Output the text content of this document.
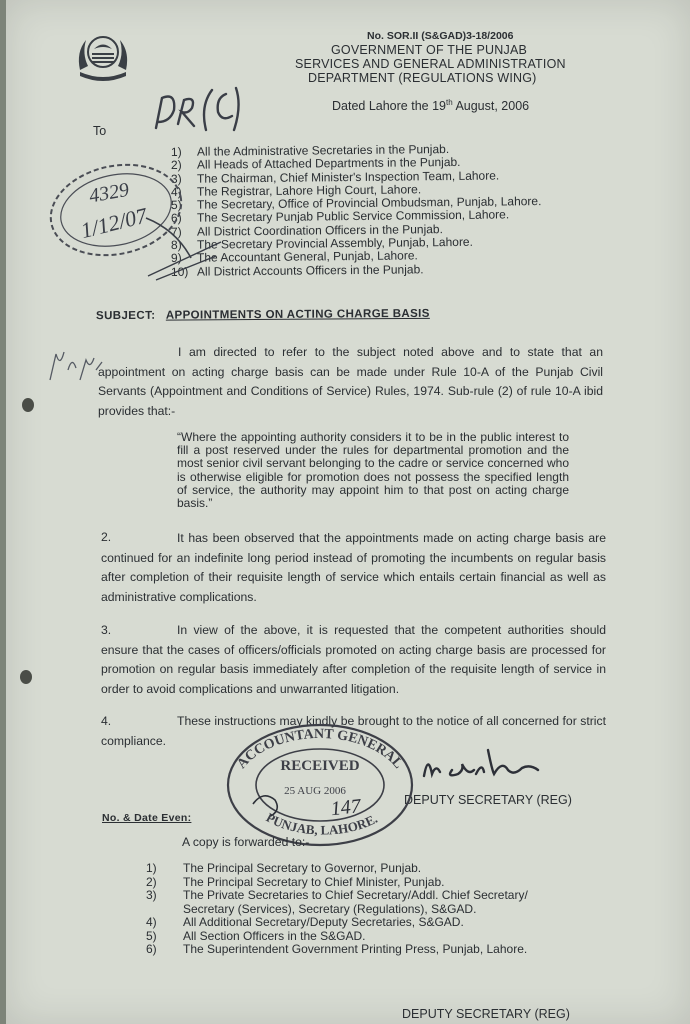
No. SOR.II (S&GAD)3-18/2006
GOVERNMENT OF THE PUNJAB
SERVICES AND GENERAL ADMINISTRATION
DEPARTMENT (REGULATIONS WING)
Dated Lahore the 19th August, 2006
To
1) All the Administrative Secretaries in the Punjab.
2) All Heads of Attached Departments in the Punjab.
3) The Chairman, Chief Minister's Inspection Team, Lahore.
4) The Registrar, Lahore High Court, Lahore.
5) The Secretary, Office of Provincial Ombudsman, Punjab, Lahore.
6) The Secretary Punjab Public Service Commission, Lahore.
7) All District Coordination Officers in the Punjab.
8) The Secretary Provincial Assembly, Punjab, Lahore.
9) The Accountant General, Punjab, Lahore.
10) All District Accounts Officers in the Punjab.
4329
1/12/07
SUBJECT: APPOINTMENTS ON ACTING CHARGE BASIS
I am directed to refer to the subject noted above and to state that an appointment on acting charge basis can be made under Rule 10-A of the Punjab Civil Servants (Appointment and Conditions of Service) Rules, 1974. Sub-rule (2) of rule 10-A ibid provides that:-
“Where the appointing authority considers it to be in the public interest to fill a post reserved under the rules for departmental promotion and the most senior civil servant belonging to the cadre or service concerned who is otherwise eligible for promotion does not possess the specified length of service, the authority may appoint him to that post on acting charge basis.”
2.	It has been observed that the appointments made on acting charge basis are continued for an indefinite long period instead of promoting the incumbents on regular basis after completion of their requisite length of service which entails certain financial as well as administrative complications.
3.	In view of the above, it is requested that the competent authorities should ensure that the cases of officers/officials promoted on acting charge basis are processed for promotion on regular basis immediately after completion of the requisite length of service in order to avoid complications and unwarranted litigation.
4.	These instructions may kindly be brought to the notice of all concerned for strict compliance.
DEPUTY SECRETARY (REG)
ACCOUNTANT GENERAL
PUNJAB, LAHORE.
RECEIVED
25 AUG 2006
147
No. & Date Even:
A copy is forwarded to:-
1) The Principal Secretary to Governor, Punjab.
2) The Principal Secretary to Chief Minister, Punjab.
3) The Private Secretaries to Chief Secretary/Addl. Chief Secretary/
Secretary (Services), Secretary (Regulations), S&GAD.
4) All Additional Secretary/Deputy Secretaries, S&GAD.
5) All Section Officers in the S&GAD.
6) The Superintendent Government Printing Press, Punjab, Lahore.
DEPUTY SECRETARY (REG)
